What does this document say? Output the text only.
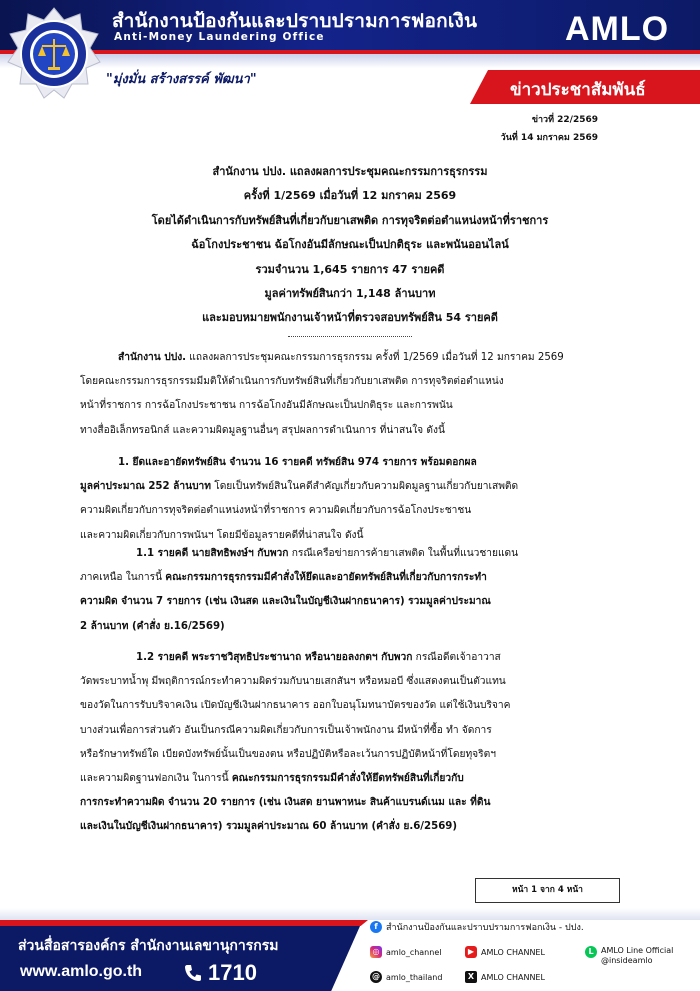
สำนักงานป้องกันและปราบปรามการฟอกเงิน
Anti-Money Laundering Office
"มุ่งมั่น สร้างสรรค์ พัฒนา"
AMLO
ข่าวประชาสัมพันธ์
ข่าวที่ 22/2569
วันที่ 14 มกราคม 2569
สำนักงาน ปปง. แถลงผลการประชุมคณะกรรมการธุรกรรม
ครั้งที่ 1/2569 เมื่อวันที่ 12 มกราคม 2569
โดยได้ดำเนินการกับทรัพย์สินที่เกี่ยวกับยาเสพติด การทุจริตต่อตำแหน่งหน้าที่ราชการ
ฉ้อโกงประชาชน ฉ้อโกงอันมีลักษณะเป็นปกติธุระ และพนันออนไลน์
รวมจำนวน 1,645 รายการ 47 รายคดี
มูลค่าทรัพย์สินกว่า 1,148 ล้านบาท
และมอบหมายพนักงานเจ้าหน้าที่ตรวจสอบทรัพย์สิน 54 รายคดี

สำนักงาน ปปง. แถลงผลการประชุมคณะกรรมการธุรกรรม ครั้งที่ 1/2569 เมื่อวันที่ 12 มกราคม 2569

โดยคณะกรรมการธุรกรรมมีมติให้ดำเนินการกับทรัพย์สินที่เกี่ยวกับยาเสพติด การทุจริตต่อตำแหน่ง

หน้าที่ราชการ การฉ้อโกงประชาชน การฉ้อโกงอันมีลักษณะเป็นปกติธุระ และการพนัน

ทางสื่ออิเล็กทรอนิกส์ และความผิดมูลฐานอื่นๆ สรุปผลการดำเนินการ ที่น่าสนใจ ดังนี้

1. ยึดและอายัดทรัพย์สิน จำนวน 16 รายคดี ทรัพย์สิน 974 รายการ พร้อมดอกผล

มูลค่าประมาณ 252 ล้านบาท โดยเป็นทรัพย์สินในคดีสำคัญเกี่ยวกับความผิดมูลฐานเกี่ยวกับยาเสพติด

ความผิดเกี่ยวกับการทุจริตต่อตำแหน่งหน้าที่ราชการ ความผิดเกี่ยวกับการฉ้อโกงประชาชน

และความผิดเกี่ยวกับการพนันฯ โดยมีข้อมูลรายคดีที่น่าสนใจ ดังนี้

1.1 รายคดี นายสิทธิพงษ์ฯ กับพวก กรณีเครือข่ายการค้ายาเสพติด ในพื้นที่แนวชายแดน

ภาคเหนือ ในการนี้ คณะกรรมการธุรกรรมมีคำสั่งให้ยึดและอายัดทรัพย์สินที่เกี่ยวกับการกระทำ

ความผิด จำนวน 7 รายการ (เช่น เงินสด และเงินในบัญชีเงินฝากธนาคาร) รวมมูลค่าประมาณ

2 ล้านบาท (คำสั่ง ย.16/2569)

1.2 รายคดี พระราชวิสุทธิประชานาถ หรือนายอลงกตฯ กับพวก กรณีอดีตเจ้าอาวาส

วัดพระบาทน้ำพุ มีพฤติการณ์กระทำความผิดร่วมกับนายเสกสันฯ หรือหมอบี ซึ่งแสดงตนเป็นตัวแทน

ของวัดในการรับบริจาคเงิน เปิดบัญชีเงินฝากธนาคาร ออกใบอนุโมทนาบัตรของวัด แต่ใช้เงินบริจาค

บางส่วนเพื่อการส่วนตัว อันเป็นกรณีความผิดเกี่ยวกับการเป็นเจ้าพนักงาน มีหน้าที่ซื้อ ทำ จัดการ

หรือรักษาทรัพย์ใด เบียดบังทรัพย์นั้นเป็นของตน หรือปฏิบัติหรือละเว้นการปฏิบัติหน้าที่โดยทุจริตฯ

และความผิดฐานฟอกเงิน ในการนี้ คณะกรรมการธุรกรรมมีคำสั่งให้ยึดทรัพย์สินที่เกี่ยวกับ

การกระทำความผิด จำนวน 20 รายการ (เช่น เงินสด ยานพาหนะ สินค้าแบรนด์เนม และ ที่ดิน

และเงินในบัญชีเงินฝากธนาคาร) รวมมูลค่าประมาณ 60 ล้านบาท (คำสั่ง ย.6/2569)

หน้า 1 จาก 4 หน้า
ส่วนสื่อสารองค์กร สำนักงานเลขานุการกรม
www.amlo.go.th	1710
f สำนักงานป้องกันและปราบปรามการฟอกเงิน - ปปง.
◎ amlo_channel	▶ AMLO CHANNEL	L AMLO Line Official
@insideamlo
@ amlo_thailand	X AMLO CHANNEL
